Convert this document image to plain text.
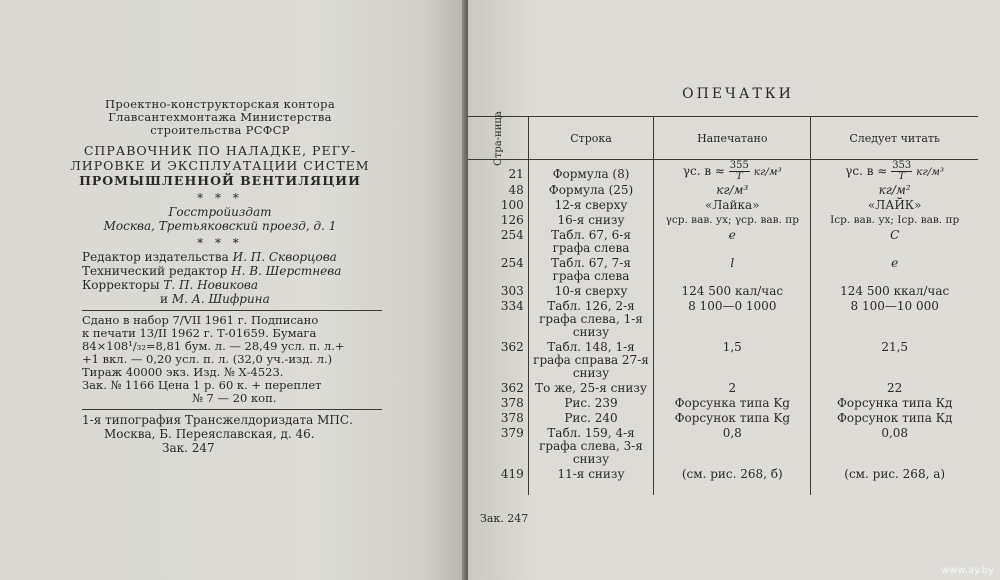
Проектно-конструкторская контора
Главсантехмонтажа Министерства
строительства РСФСР
СПРАВОЧНИК ПО НАЛАДКЕ, РЕГУ-
ЛИРОВКЕ И ЭКСПЛУАТАЦИИ СИСТЕМ
ПРОМЫШЛЕННОЙ ВЕНТИЛЯЦИИ
* * *
Госстройиздат
Москва, Третьяковский проезд, д. 1
* * *
Редактор издательства И. П. Скворцова
Технический редактор Н. В. Шерстнева
Корректоры Т. П. Новикова
и М. А. Шифрина
Сдано в набор 7/VII 1961 г. Подписано
к печати 13/II 1962 г. Т-01659. Бумага
84×108¹/₃₂=8,81 бум. л. — 28,49 усл. п. л.+
+1 вкл. — 0,20 усл. п. л. (32,0 уч.-изд. л.)
Тираж 40000 экз. Изд. № Х-4523.
Зак. № 1166 Цена 1 р. 60 к. + переплет
№ 7 — 20 коп.
1-я типография Трансжелдориздата МПС.
Москва, Б. Переяславская, д. 46.
Зак. 247
ОПЕЧАТКИ
Стра-ница	Строка	Напечатано	Следует читать
21	Формула (8)	γс. $в \approx \frac{355}{T} кг/м^3$	γс. $в \approx \frac{353}{T} кг/м^3$
48	Формула (25)	кг/м³	кг/м²
100	12-я сверху	«Лайка»	«ЛАЙК»
126	16-я снизу	γср. вав. ух; γср. вав. пр	Iср. вав. ух; Iср. вав. пр
254	Табл. 67, 6-я графа слева	e	C
254	Табл. 67, 7-я графа слева	l	e
303	10-я сверху	124 500 кал/час	124 500 ккал/час
334	Табл. 126, 2-я графа слева, 1-я снизу	8 100—0 1000	8 100—10 000
362	Табл. 148, 1-я графа справа 27-я снизу	1,5	21,5
362	То же, 25-я снизу	2	22
378	Рис. 239	Форсунка типа Kg	Форсунка типа Кд
378	Рис. 240	Форсунок типа Kg	Форсунок типа Кд
379	Табл. 159, 4-я графа слева, 3-я снизу	0,8	0,08
419	11-я снизу	(см. рис. 268, б)	(см. рис. 268, а)
Зак. 247
www.ay.by
